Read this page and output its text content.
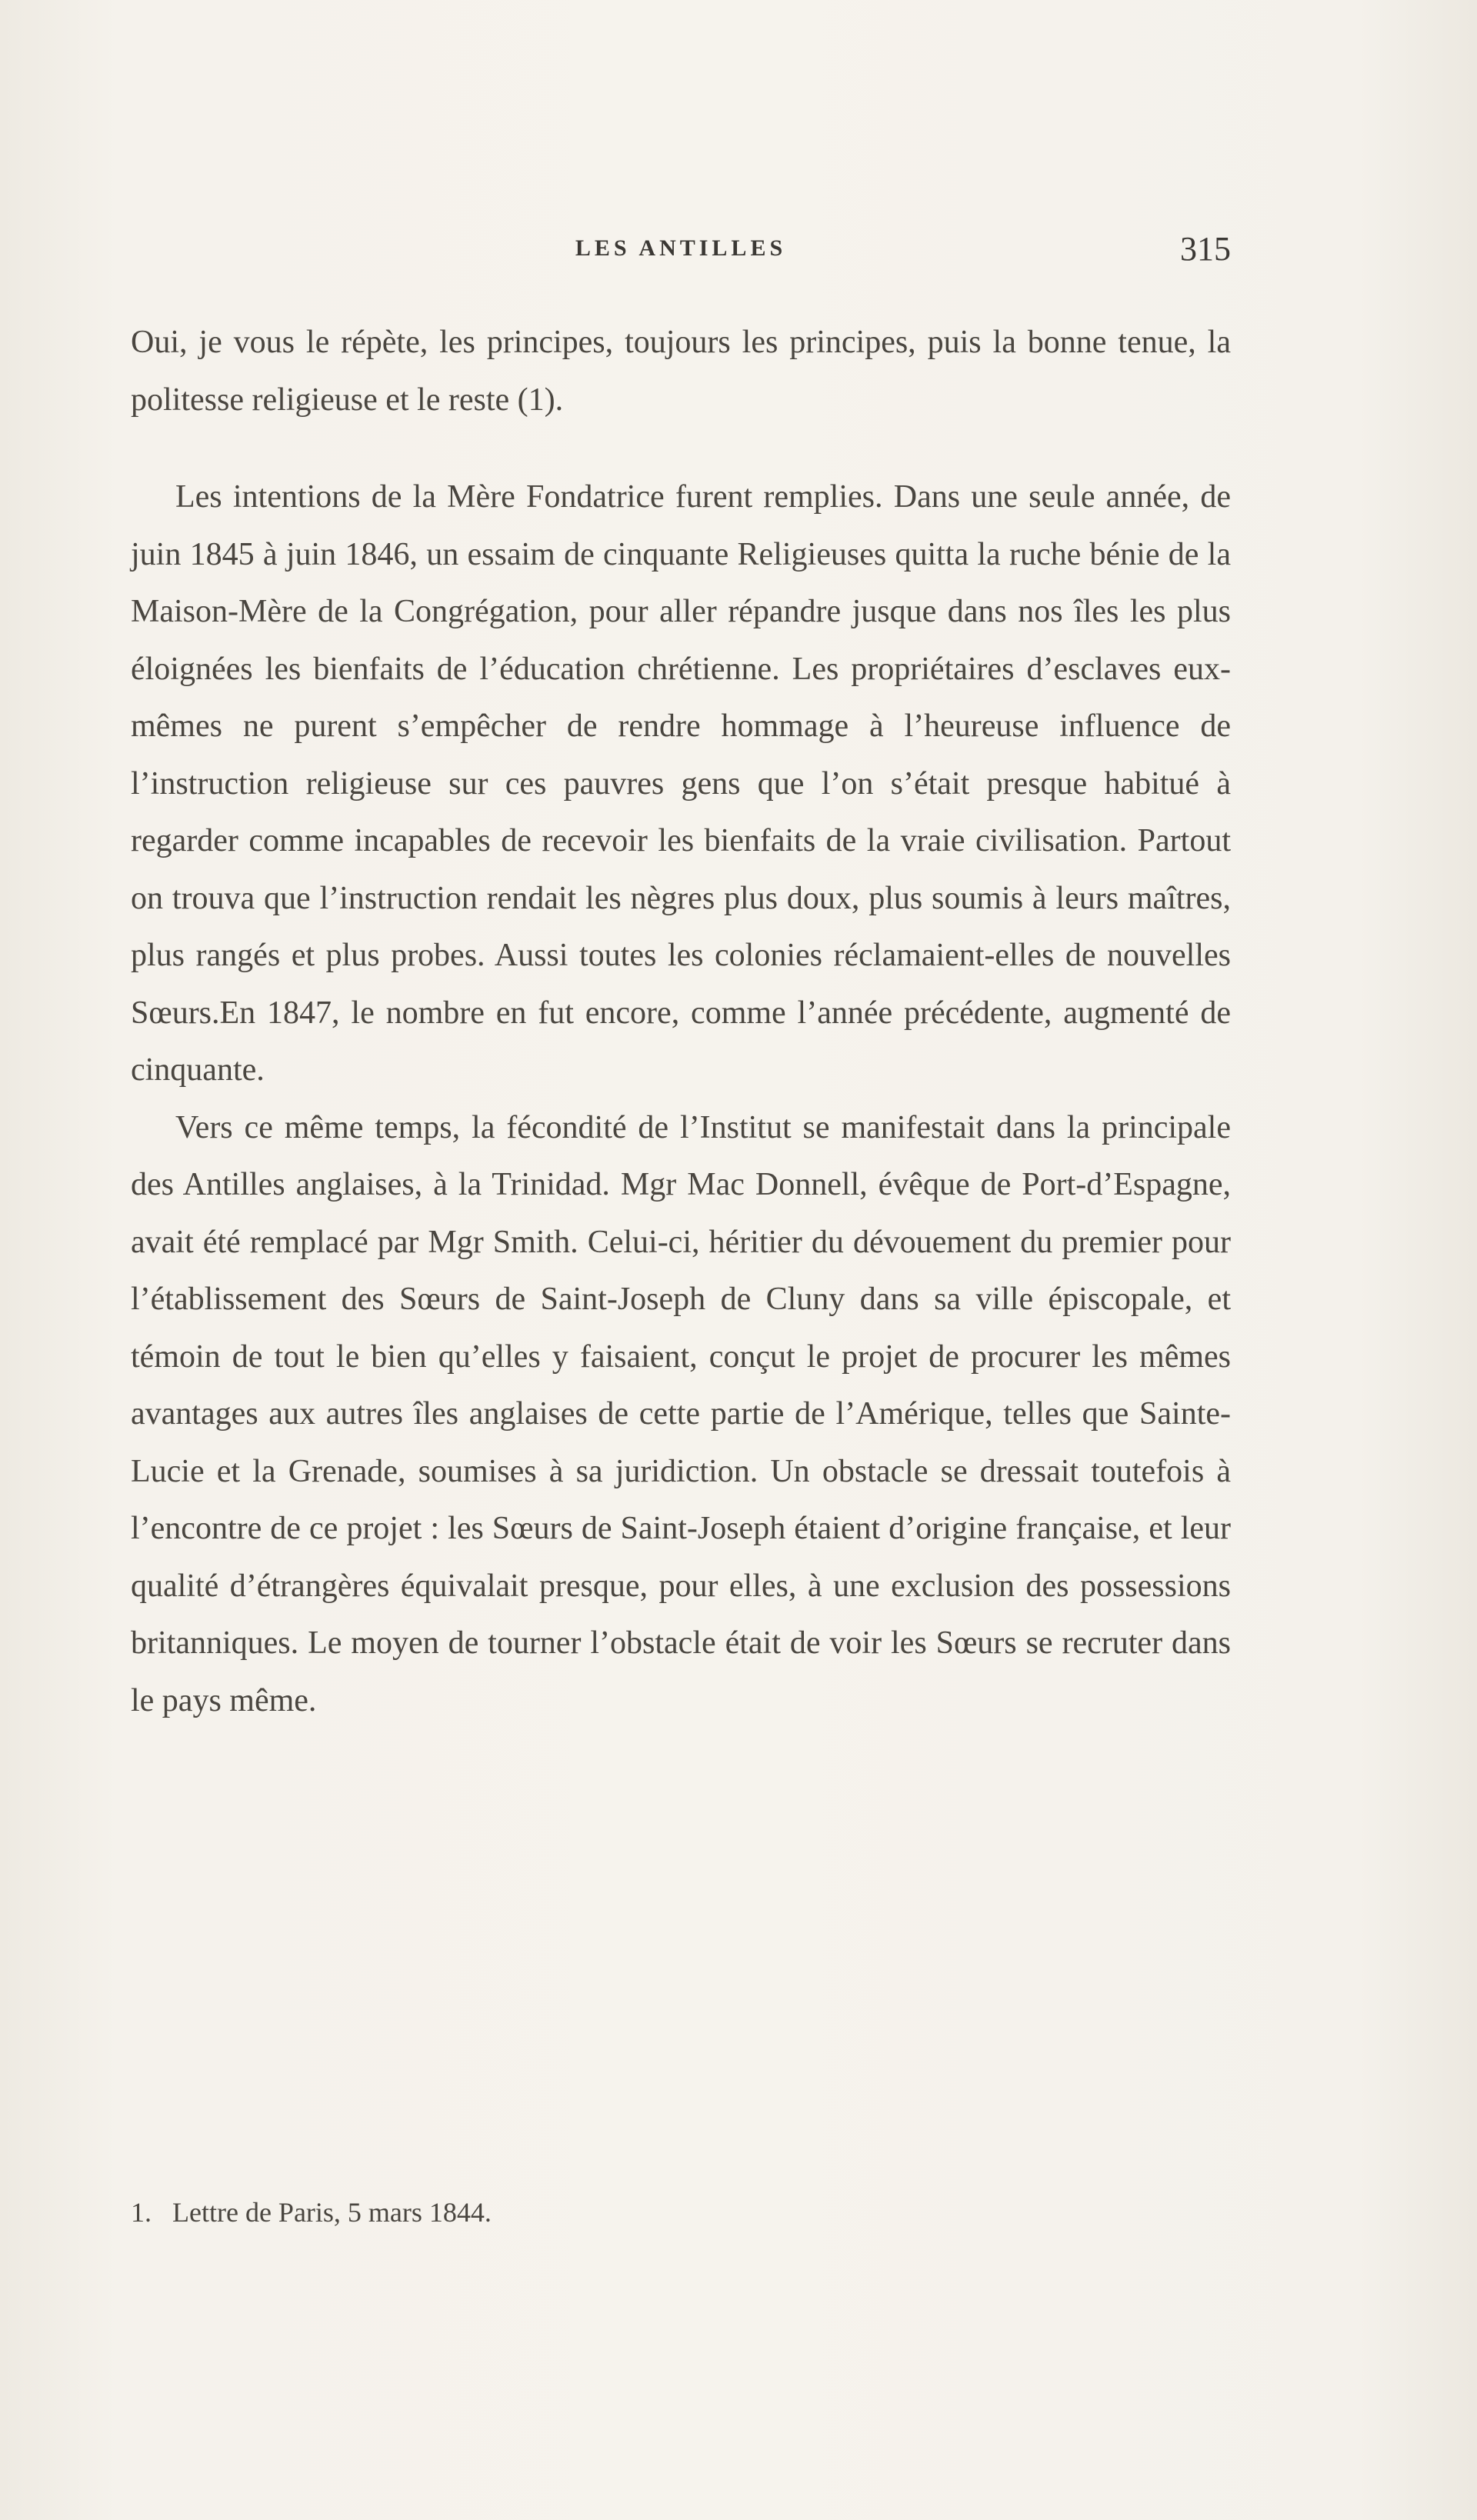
LES ANTILLES	315

Oui, je vous le répète, les principes, toujours les principes, puis la bonne tenue, la politesse religieuse et le reste (1).

Les intentions de la Mère Fondatrice furent remplies. Dans une seule année, de juin 1845 à juin 1846, un essaim de cinquante Religieuses quitta la ruche bénie de la Maison-Mère de la Congrégation, pour aller répandre jusque dans nos îles les plus éloignées les bienfaits de l’éducation chrétienne. Les propriétaires d’esclaves eux-mêmes ne purent s’empêcher de rendre hommage à l’heureuse influence de l’instruction religieuse sur ces pauvres gens que l’on s’était presque habitué à regarder comme incapables de recevoir les bienfaits de la vraie civilisation. Partout on trouva que l’instruction rendait les nègres plus doux, plus soumis à leurs maîtres, plus rangés et plus probes. Aussi toutes les colonies réclamaient-elles de nouvelles Sœurs.En 1847, le nombre en fut encore, comme l’année précédente, augmenté de cinquante.

Vers ce même temps, la fécondité de l’Institut se manifestait dans la principale des Antilles anglaises, à la Trinidad. Mgr Mac Donnell, évêque de Port-d’Espagne, avait été remplacé par Mgr Smith. Celui-ci, héritier du dévouement du premier pour l’établissement des Sœurs de Saint-Joseph de Cluny dans sa ville épiscopale, et témoin de tout le bien qu’elles y faisaient, conçut le projet de procurer les mêmes avantages aux autres îles anglaises de cette partie de l’Amérique, telles que Sainte-Lucie et la Grenade, soumises à sa juridiction. Un obstacle se dressait toutefois à l’encontre de ce projet : les Sœurs de Saint-Joseph étaient d’origine française, et leur qualité d’étrangères équivalait presque, pour elles, à une exclusion des possessions britanniques. Le moyen de tourner l’obstacle était de voir les Sœurs se recruter dans le pays même.

1. Lettre de Paris, 5 mars 1844.
